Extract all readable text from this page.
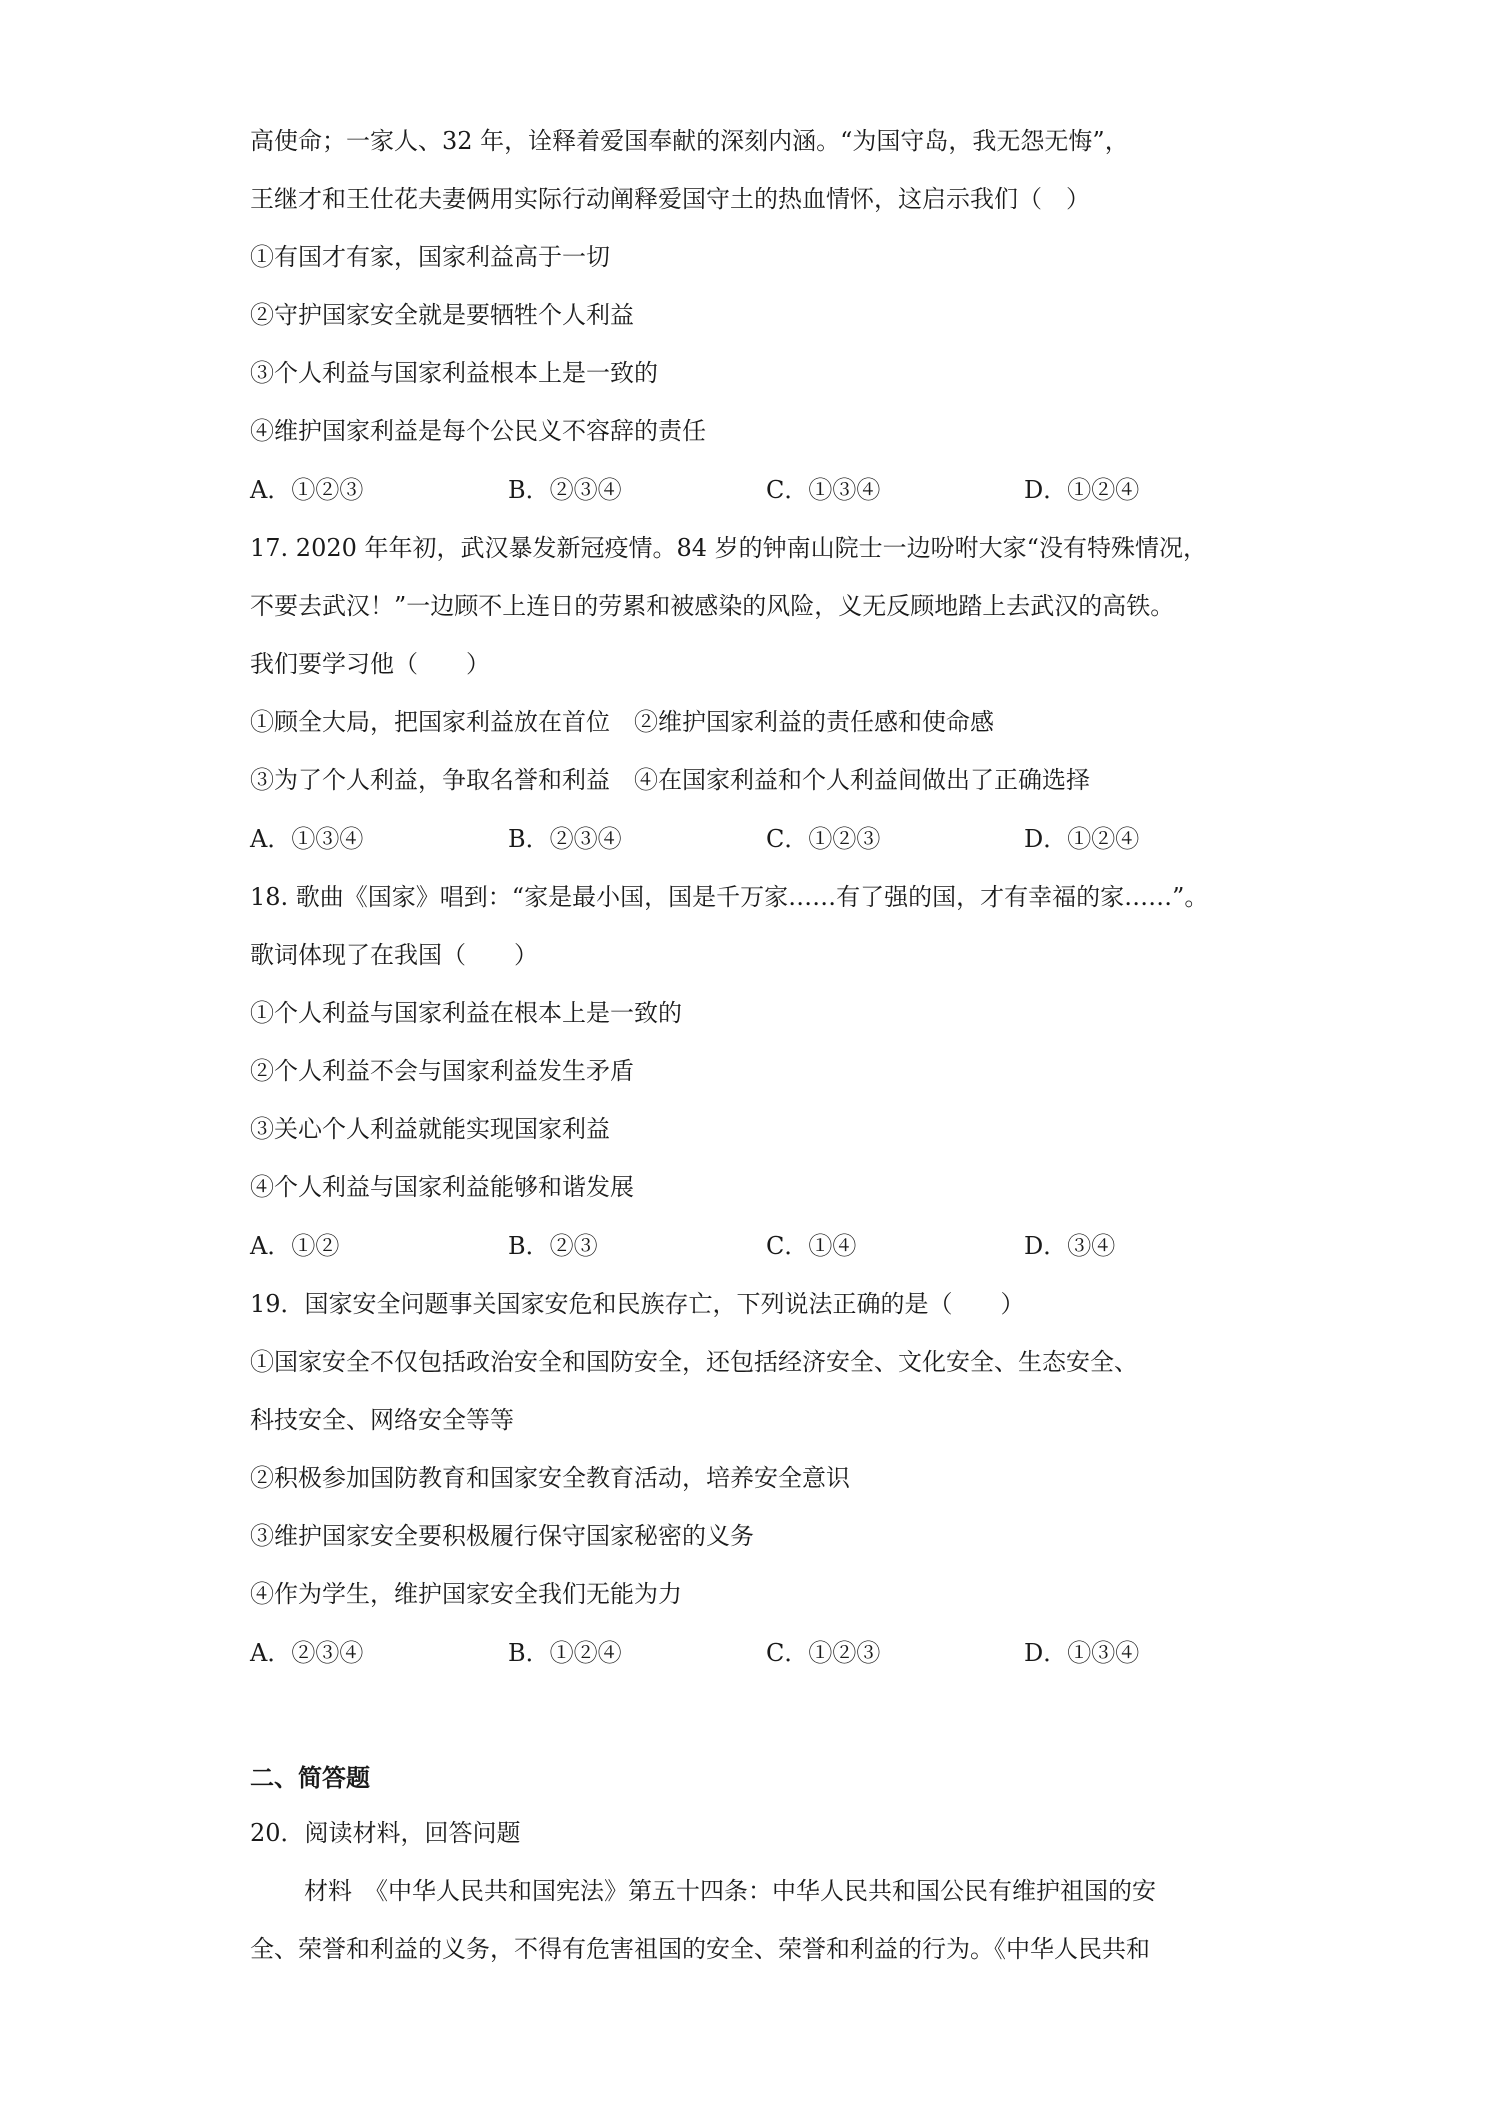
高使命；一家人、32 年，诠释着爱国奉献的深刻内涵。“为国守岛，我无怨无悔”，
王继才和王仕花夫妻俩用实际行动阐释爱国守土的热血情怀，这启示我们（　）
①有国才有家，国家利益高于一切
②守护国家安全就是要牺牲个人利益
③个人利益与国家利益根本上是一致的
④维护国家利益是每个公民义不容辞的责任
A．①②③	B．②③④	C．①③④	D．①②④
17. 2020 年年初，武汉暴发新冠疫情。84 岁的钟南山院士一边吩咐大家“没有特殊情况，
不要去武汉！”一边顾不上连日的劳累和被感染的风险，义无反顾地踏上去武汉的高铁。
我们要学习他（　　）
①顾全大局，把国家利益放在首位　②维护国家利益的责任感和使命感
③为了个人利益，争取名誉和利益　④在国家利益和个人利益间做出了正确选择
A．①③④	B．②③④	C．①②③	D．①②④
18. 歌曲《国家》唱到：“家是最小国，国是千万家……有了强的国，才有幸福的家……”。
歌词体现了在我国（　　）
①个人利益与国家利益在根本上是一致的
②个人利益不会与国家利益发生矛盾
③关心个人利益就能实现国家利益
④个人利益与国家利益能够和谐发展
A．①②	B．②③	C．①④	D．③④
19．国家安全问题事关国家安危和民族存亡，下列说法正确的是（　　）
①国家安全不仅包括政治安全和国防安全，还包括经济安全、文化安全、生态安全、
科技安全、网络安全等等
②积极参加国防教育和国家安全教育活动，培养安全意识
③维护国家安全要积极履行保守国家秘密的义务
④作为学生，维护国家安全我们无能为力
A．②③④	B．①②④	C．①②③	D．①③④
二、简答题
20．阅读材料，回答问题
材料　《中华人民共和国宪法》第五十四条：中华人民共和国公民有维护祖国的安
全、荣誉和利益的义务，不得有危害祖国的安全、荣誉和利益的行为。《中华人民共和
